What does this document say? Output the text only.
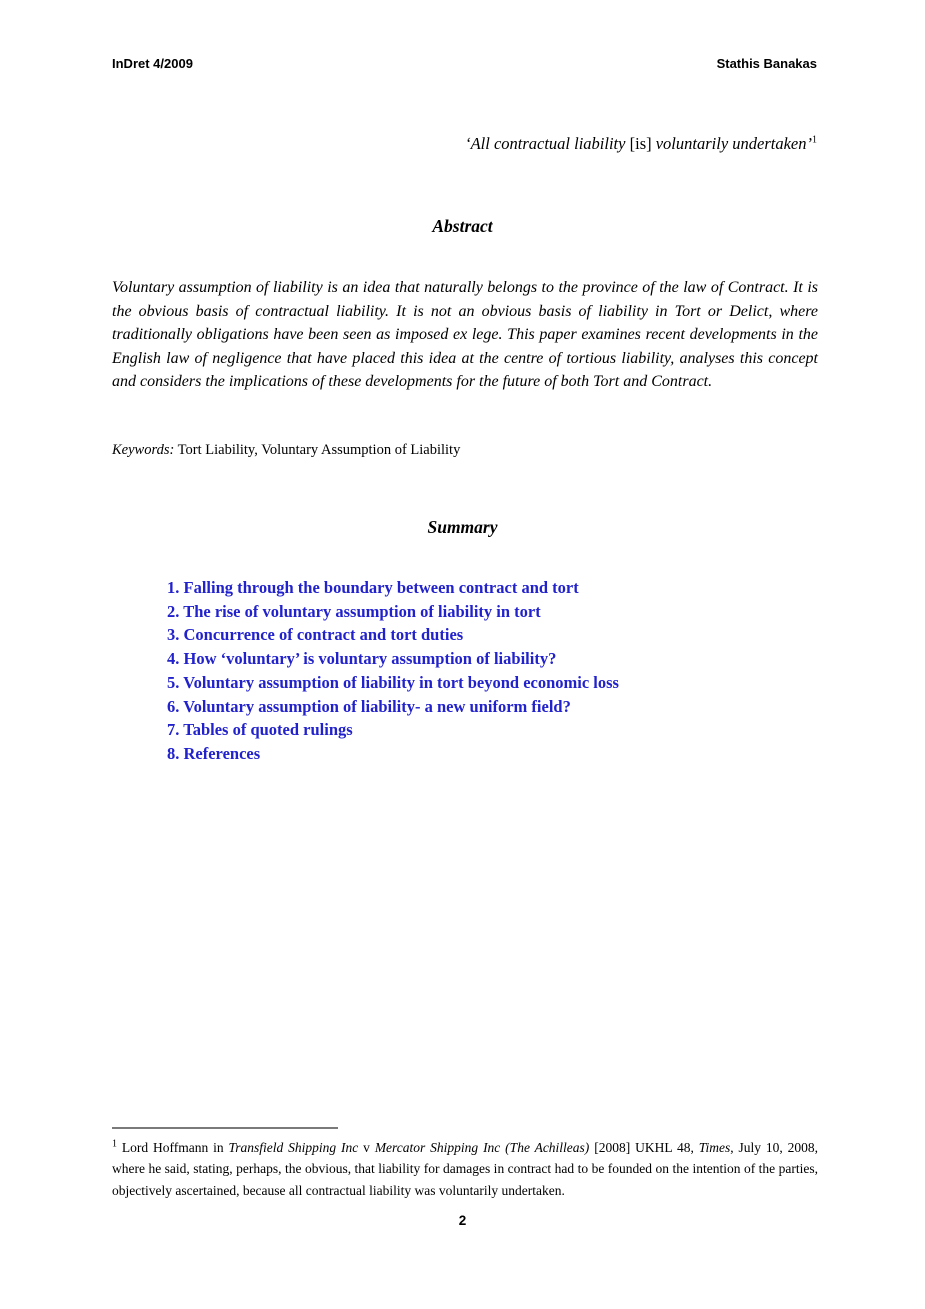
InDret 4/2009	Stathis Banakas
‘All contractual liability [is] voluntarily undertaken’$^1$
Abstract
Voluntary assumption of liability is an idea that naturally belongs to the province of the law of Contract. It is the obvious basis of contractual liability. It is not an obvious basis of liability in Tort or Delict, where traditionally obligations have been seen as imposed ex lege. This paper examines recent developments in the English law of negligence that have placed this idea at the centre of tortious liability, analyses this concept and considers the implications of these developments for the future of both Tort and Contract.
Keywords: Tort Liability, Voluntary Assumption of Liability
Summary
1. Falling through the boundary between contract and tort
2. The rise of voluntary assumption of liability in tort
3. Concurrence of contract and tort duties
4. How ‘voluntary’ is voluntary assumption of liability?
5. Voluntary assumption of liability in tort beyond economic loss
6. Voluntary assumption of liability- a new uniform field?
7. Tables of quoted rulings
8. References
$^1$ Lord Hoffmann in Transfield Shipping Inc v Mercator Shipping Inc (The Achilleas) [2008] UKHL 48, Times, July 10, 2008, where he said, stating, perhaps, the obvious, that liability for damages in contract had to be founded on the intention of the parties, objectively ascertained, because all contractual liability was voluntarily undertaken.
2
